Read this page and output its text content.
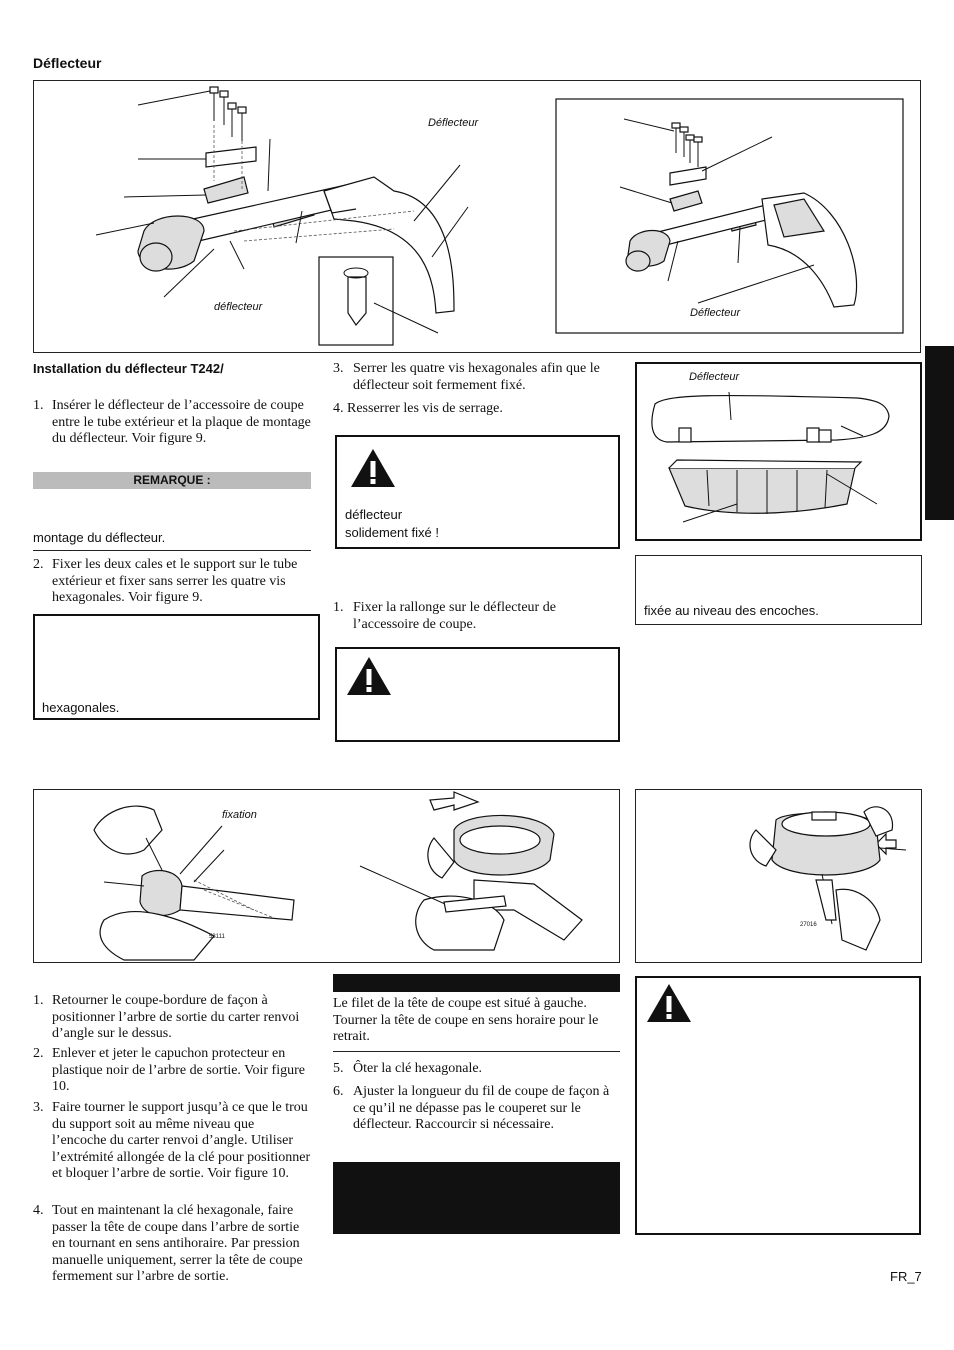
Déflecteur
Déflecteur
déflecteur	Déflecteur
Installation du déflecteur T242/
1. Insérer le déflecteur de l’accessoire de coupe entre le tube extérieur et la plaque de montage du déflecteur. Voir figure 9.
REMARQUE :
montage du déflecteur.
2. Fixer les deux cales et le support sur le tube extérieur et fixer sans serrer les quatre vis hexagonales. Voir figure 9.
hexagonales.
3. Serrer les quatre vis hexagonales afin que le déflecteur soit fermement fixé.
4. Resserrer les vis de serrage.
déflecteur
solidement fixé !
1. Fixer la rallonge sur le déflecteur de l’accessoire de coupe.
Déflecteur
fixée au niveau des encoches.
fixation
53111
27016
1. Retourner le coupe-bordure de façon à positionner l’arbre de sortie du carter renvoi d’angle sur le dessus.
2. Enlever et jeter le capuchon protecteur en plastique noir de l’arbre de sortie. Voir figure 10.
3. Faire tourner le support jusqu’à ce que le trou du support soit au même niveau que l’encoche du carter renvoi d’angle. Utiliser l’extrémité allongée de la clé pour positionner et bloquer l’arbre de sortie. Voir figure 10.
4. Tout en maintenant la clé hexagonale, faire passer la tête de coupe dans l’arbre de sortie en tournant en sens antihoraire. Par pression manuelle uniquement, serrer la tête de coupe fermement sur l’arbre de sortie.
Le filet de la tête de coupe est situé à gauche. Tourner la tête de coupe en sens horaire pour le retrait.
5. Ôter la clé hexagonale.
6. Ajuster la longueur du fil de coupe de façon à ce qu’il ne dépasse pas le couperet sur le déflecteur. Raccourcir si nécessaire.
FR_7
